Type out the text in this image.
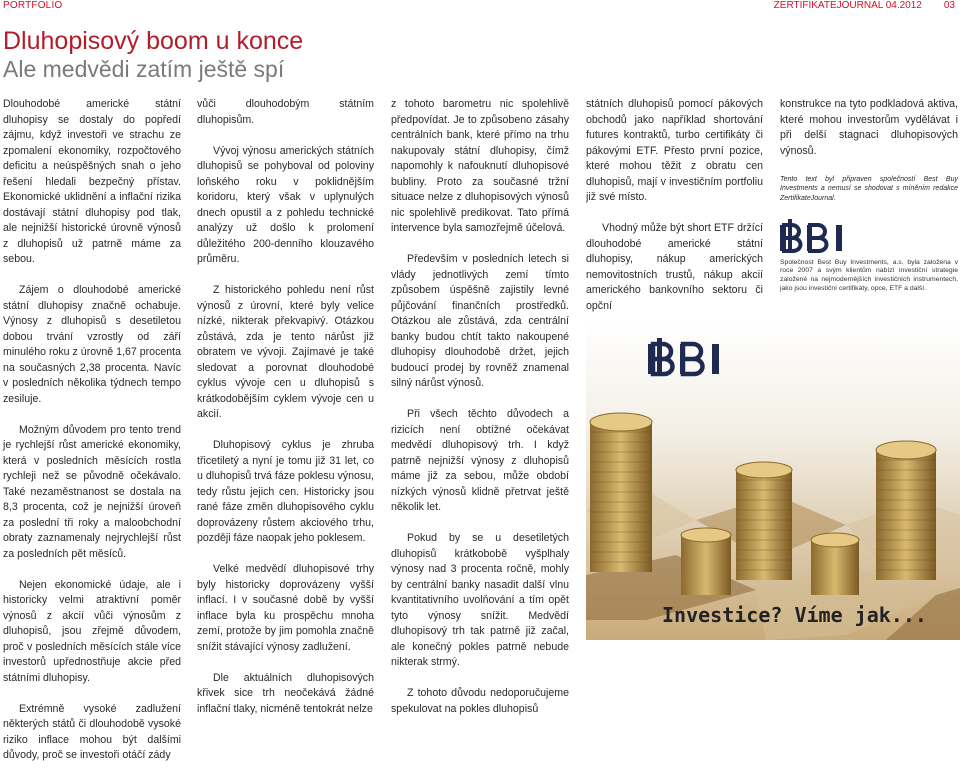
PORTFOLIO	ZERTIFIKATEJOURNAL 04.2012 03
Dluhopisový boom u konce
Ale medvědi zatím ještě spí

Dlouhodobé americké státní dluhopisy se dostaly do popředí zájmu, když investoři ve strachu ze zpomalení ekonomiky, rozpočtového deficitu a neúspěšných snah o jeho řešení hledali bezpečný přístav. Ekonomické uklidnění a inflační rizika dostávají státní dluhopisy pod tlak, ale nejnižší historické úrovně výnosů z dluhopisů už patrně máme za sebou.

Zájem o dlouhodobé americké státní dluhopisy značně ochabuje. Výnosy z dluhopisů s desetiletou dobou trvání vzrostly od září minulého roku z úrovně 1,67 procenta na současných 2,38 procenta. Navíc v posledních několika týdnech tempo zesiluje.

Možným důvodem pro tento trend je rychlejší růst americké ekonomiky, která v posledních měsících rostla rychleji než se původně očekávalo. Také nezaměstnanost se dostala na 8,3 procenta, což je nejnižší úroveň za poslední tři roky a maloobchodní obraty zaznamenaly nejrychlejší růst za posledních pět měsíců.

Nejen ekonomické údaje, ale i historicky velmi atraktivní poměr výnosů z akcií vůči výnosům z dluhopisů, jsou zřejmě důvodem, proč v posledních měsících stále více investorů upřednostňuje akcie před státními dluhopisy.

Extrémně vysoké zadlužení některých států či dlouhodobě vysoké riziko inflace mohou být dalšími důvody, proč se investoři otáčí zády

vůči dlouhodobým státním dluhopisům.

Vývoj výnosu amerických státních dluhopisů se pohyboval od poloviny loňského roku v poklidnějším koridoru, který však v uplynulých dnech opustil a z pohledu technické analýzy už došlo k prolomení důležitého 200-denního klouzavého průměru.

Z historického pohledu není růst výnosů z úrovní, které byly velice nízké, nikterak překvapivý. Otázkou zůstává, zda je tento nárůst již obratem ve vývoji. Zajímavé je také sledovat a porovnat dlouhodobé cyklus vývoje cen u dluhopisů s krátkodobějším cyklem vývoje cen u akcií.

Dluhopisový cyklus je zhruba třicetiletý a nyní je tomu již 31 let, co u dluhopisů trvá fáze poklesu výnosu, tedy růstu jejich cen. Historicky jsou rané fáze změn dluhopisového cyklu doprovázeny růstem akciového trhu, později fáze naopak jeho poklesem.

Velké medvědí dluhopisové trhy byly historicky doprovázeny vyšší inflací. I v současné době by vyšší inflace byla ku prospěchu mnoha zemí, protože by jim pomohla značně snížit stávající výnosy zadlužení.

Dle aktuálních dluhopisových křivek sice trh neočekává žádné inflační tlaky, nicméně tentokrát nelze

z tohoto barometru nic spolehlivě předpovídat. Je to způsobeno zásahy centrálních bank, které přímo na trhu nakupovaly státní dluhopisy, čímž napomohly k nafouknutí dluhopisové bubliny. Proto za současné tržní situace nelze z dluhopisových výnosů nic spolehlivě predikovat. Tato přímá intervence byla samozřejmě účelová.

Především v posledních letech si vlády jednotlivých zemí tímto způsobem úspěšně zajistily levné půjčování finančních prostředků. Otázkou ale zůstává, zda centrální banky budou chtít takto nakoupené dluhopisy dlouhodobě držet, jejich budoucí prodej by rovněž znamenal silný nárůst výnosů.

Při všech těchto důvodech a rizicích není obtížné očekávat medvědí dluhopisový trh. I když patrně nejnižší výnosy z dluhopisů máme již za sebou, může období nízkých výnosů klidně přetrvat ještě několik let.

Pokud by se u desetiletých dluhopisů krátkobobě vyšplhaly výnosy nad 3 procenta ročně, mohly by centrální banky nasadit další vlnu kvantitativního uvolňování a tím opět tyto výnosy snížit. Medvědí dluhopisový trh tak patrně již začal, ale konečný pokles patrně nebude nikterak strmý.

Z tohoto důvodu nedoporučujeme spekulovat na pokles dluhopisů

státních dluhopisů pomocí pákových obchodů jako například shortování futures kontraktů, turbo certifikáty či pákovými ETF. Přesto první pozice, které mohou těžit z obratu cen dluhopisů, mají v investičním portfoliu již své místo.

Vhodný může být short ETF držící dlouhodobé americké státní dluhopisy, nákup amerických nemovitostních trustů, nákup akcií amerického bankovního sektoru či opční

konstrukce na tyto podkladová aktiva, které mohou investorům vydělávat i při delší stagnaci dluhopisových výnosů.

Tento text byl připraven společností Best Buy Investments a nemusí se shodovat s míněním redakce ZertifikateJournal.

Společnost Best Buy Investments, a.s. byla založena v roce 2007 a svým klientům nabízí investiční strategie založené na nejmodernějších investičních instrumentech, jako jsou investiční certifikáty, opce, ETF a další.

Investice? Víme jak...
